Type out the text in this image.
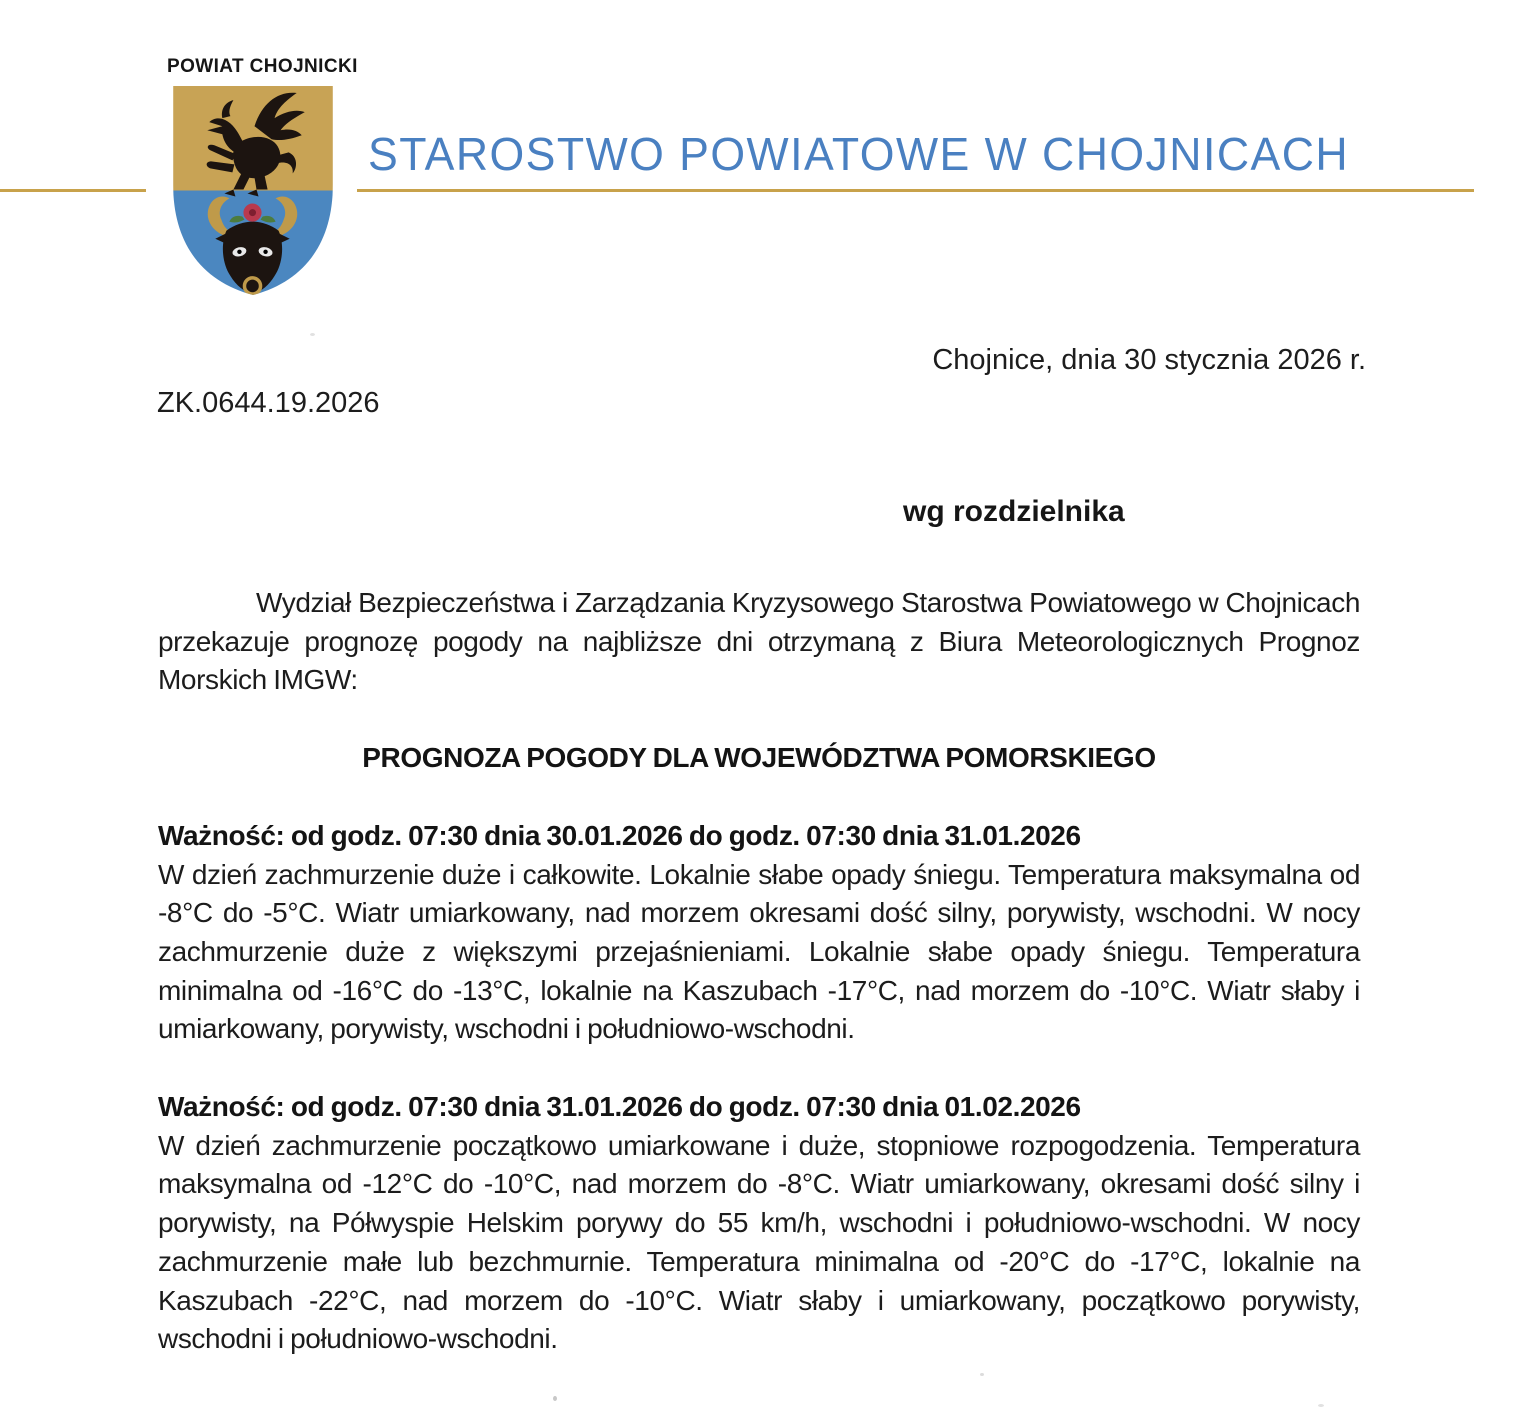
POWIAT CHOJNICKI
STAROSTWO POWIATOWE W CHOJNICACH
Chojnice, dnia 30 stycznia 2026 r.
ZK.0644.19.2026
wg rozdzielnika

Wydział Bezpieczeństwa i Zarządzania Kryzysowego Starostwa Powiatowego w Chojnicach przekazuje prognozę pogody na najbliższe dni otrzymaną z Biura Meteorologicznych Prognoz Morskich IMGW:

PROGNOZA POGODY DLA WOJEWÓDZTWA POMORSKIEGO
Ważność: od godz. 07:30 dnia 30.01.2026 do godz. 07:30 dnia 31.01.2026

W dzień zachmurzenie duże i całkowite. Lokalnie słabe opady śniegu. Temperatura maksymalna od -8°C do -5°C. Wiatr umiarkowany, nad morzem okresami dość silny, porywisty, wschodni. W nocy zachmurzenie duże z większymi przejaśnieniami. Lokalnie słabe opady śniegu. Temperatura minimalna od -16°C do -13°C, lokalnie na Kaszubach -17°C, nad morzem do -10°C. Wiatr słaby i umiarkowany, porywisty, wschodni i południowo-wschodni.

Ważność: od godz. 07:30 dnia 31.01.2026 do godz. 07:30 dnia 01.02.2026

W dzień zachmurzenie początkowo umiarkowane i duże, stopniowe rozpogodzenia. Temperatura maksymalna od -12°C do -10°C, nad morzem do -8°C. Wiatr umiarkowany, okresami dość silny i porywisty, na Półwyspie Helskim porywy do 55 km/h, wschodni i południowo-wschodni. W nocy zachmurzenie małe lub bezchmurnie. Temperatura minimalna od -20°C do -17°C, lokalnie na Kaszubach -22°C, nad morzem do -10°C. Wiatr słaby i umiarkowany, początkowo porywisty, wschodni i południowo-wschodni.
